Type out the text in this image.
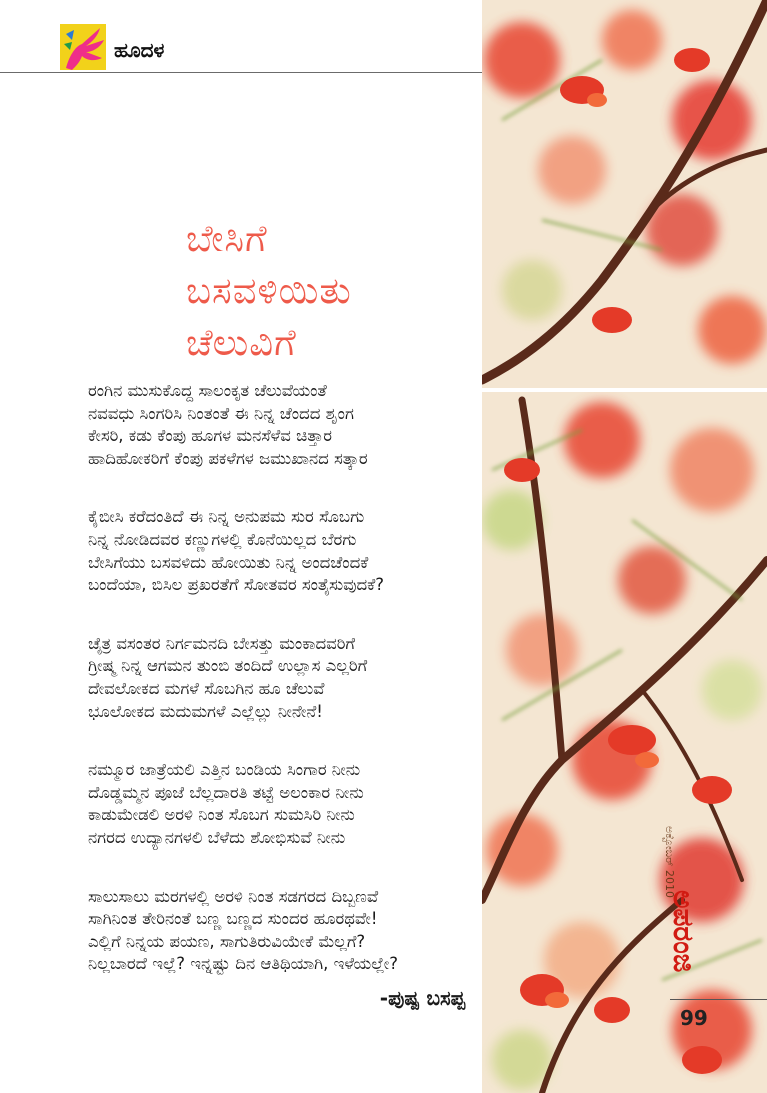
ಹೂದಳ
ಬೇಸಿಗೆ
ಬಸವಳಿಯಿತು
ಚೆಲುವಿಗೆ
ರಂಗಿನ ಮುಸುಕೊದ್ದ ಸಾಲಂಕೃತ ಚೆಲುವೆಯಂತೆ
ನವವಧು ಸಿಂಗರಿಸಿ ನಿಂತಂತೆ ಈ ನಿನ್ನ ಚೆಂದದ ಶೃಂಗ
ಕೇಸರಿ, ಕಡು ಕೆಂಪು ಹೂಗಳ ಮನಸೆಳೆವ ಚಿತ್ತಾರ
ಹಾದಿಹೋಕರಿಗೆ ಕೆಂಪು ಪಕಳೆಗಳ ಜಮುಖಾನದ ಸತ್ಕಾರ
ಕೈಬೀಸಿ ಕರೆದಂತಿದೆ ಈ ನಿನ್ನ ಅನುಪಮ ಸುರ ಸೊಬಗು
ನಿನ್ನ ನೋಡಿದವರ ಕಣ್ಣುಗಳಲ್ಲಿ ಕೊನೆಯಿಲ್ಲದ ಬೆರಗು
ಬೇಸಿಗೆಯು ಬಸವಳಿದು ಹೋಯಿತು ನಿನ್ನ ಅಂದಚೆಂದಕೆ
ಬಂದೆಯಾ, ಬಿಸಿಲ ಪ್ರಖರತೆಗೆ ಸೋತವರ ಸಂತೈಸುವುದಕೆ?
ಚೈತ್ರ ವಸಂತರ ನಿರ್ಗಮನದಿ ಬೇಸತ್ತು ಮಂಕಾದವರಿಗೆ
ಗ್ರೀಷ್ಮ ನಿನ್ನ ಆಗಮನ ತುಂಬಿ ತಂದಿದೆ ಉಲ್ಲಾಸ ಎಲ್ಲರಿಗೆ
ದೇವಲೋಕದ ಮಗಳೆ ಸೊಬಗಿನ ಹೂ ಚೆಲುವೆ
ಭೂಲೋಕದ ಮದುಮಗಳೆ ಎಲ್ಲೆಲ್ಲು ನೀನೇನೆ!
ನಮ್ಮೂರ ಜಾತ್ರೆಯಲಿ ಎತ್ತಿನ ಬಂಡಿಯ ಸಿಂಗಾರ ನೀನು
ದೊಡ್ಡಮ್ಮನ ಪೂಜೆ ಬೆಲ್ಲದಾರತಿ ತಟ್ಟೆ ಅಲಂಕಾರ ನೀನು
ಕಾಡುಮೇಡಲಿ ಅರಳಿ ನಿಂತ ಸೊಬಗ ಸುಮಸಿರಿ ನೀನು
ನಗರದ ಉದ್ಯಾನಗಳಲಿ ಬೆಳೆದು ಶೋಭಿಸುವೆ ನೀನು
ಸಾಲುಸಾಲು ಮರಗಳಲ್ಲಿ ಅರಳಿ ನಿಂತ ಸಡಗರದ ದಿಬ್ಬಣವೆ
ಸಾಗಿನಿಂತ ತೇರಿನಂತೆ ಬಣ್ಣ ಬಣ್ಣದ ಸುಂದರ ಹೂರಥವೇ!
ಎಲ್ಲಿಗೆ ನಿನ್ನಯ ಪಯಣ, ಸಾಗುತಿರುವಿಯೇಕೆ ಮೆಲ್ಲಗೆ?
ನಿಲ್ಲಬಾರದೆ ಇಲ್ಲೆ? ಇನ್ನಷ್ಟು ದಿನ ಆತಿಥಿಯಾಗಿ, ಇಳೆಯಲ್ಲೇ?
-ಪುಷ್ಪ ಬಸಪ್ಪ
ಅಕ್ಟೋಬರ್ 2010
ಅಪರಂಜಿ
99
